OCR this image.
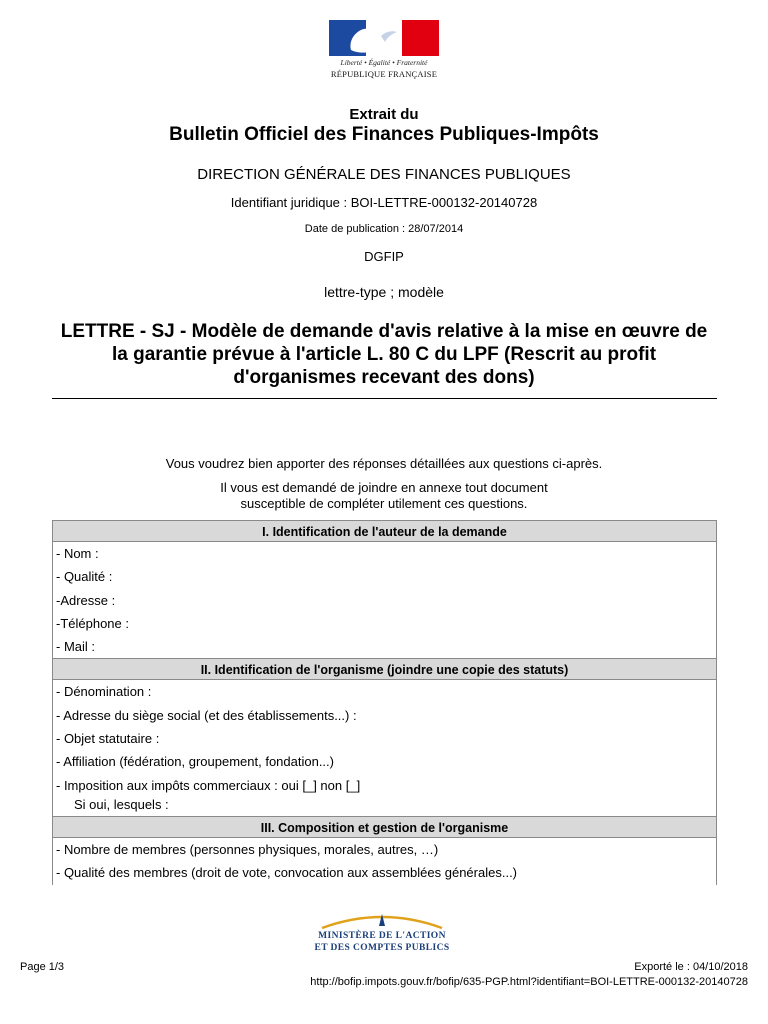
Liberté • Égalité • Fraternité
RÉPUBLIQUE FRANÇAISE
Extrait du
Bulletin Officiel des Finances Publiques-Impôts
DIRECTION GÉNÉRALE DES FINANCES PUBLIQUES
Identifiant juridique : BOI-LETTRE-000132-20140728
Date de publication : 28/07/2014
DGFIP
lettre-type ; modèle
LETTRE - SJ - Modèle de demande d'avis relative à la mise en œuvre de la garantie prévue à l'article L. 80 C du LPF (Rescrit au profit d'organismes recevant des dons)
Vous voudrez bien apporter des réponses détaillées aux questions ci-après.
Il vous est demandé de joindre en annexe tout document
susceptible de compléter utilement ces questions.
I. Identification de l'auteur de la demande
- Nom :
- Qualité :
-Adresse :
-Téléphone :
- Mail :
II. Identification de l'organisme (joindre une copie des statuts)
- Dénomination :
- Adresse du siège social (et des établissements...) :
- Objet statutaire :
- Affiliation (fédération, groupement, fondation...)
- Imposition aux impôts commerciaux : oui [_] non [_]
Si oui, lesquels :
III. Composition et gestion de l'organisme
- Nombre de membres (personnes physiques, morales, autres, …)
- Qualité des membres (droit de vote, convocation aux assemblées générales...)
MINISTÈRE DE L'ACTION
ET DES COMPTES PUBLICS
Page 1/3	Exporté le : 04/10/2018
http://bofip.impots.gouv.fr/bofip/635-PGP.html?identifiant=BOI-LETTRE-000132-20140728
